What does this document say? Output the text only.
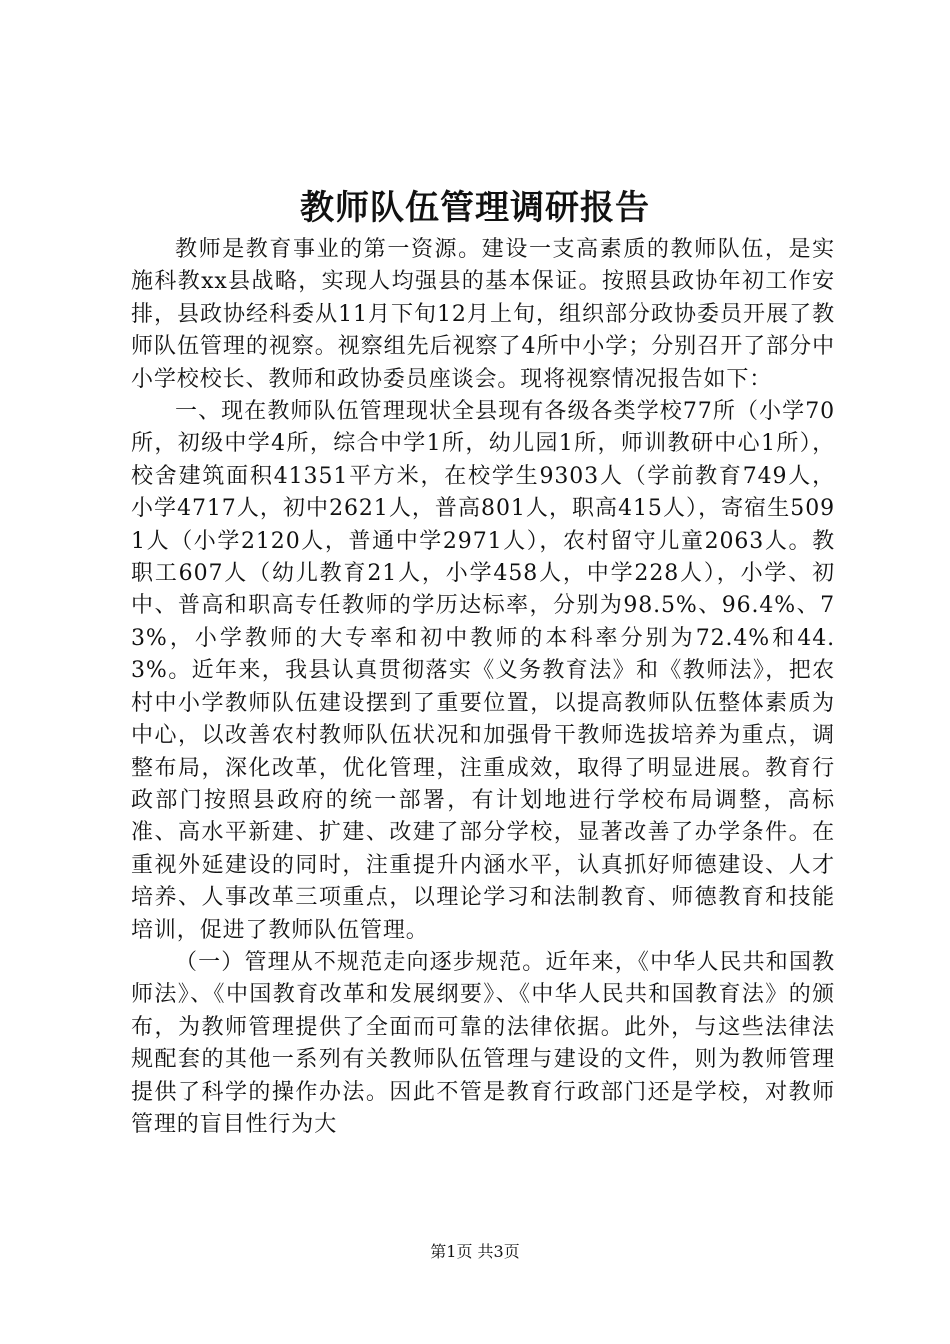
教师队伍管理调研报告

教师是教育事业的第一资源。建设一支高素质的教师队伍，是实施科教xx县战略，实现人均强县的基本保证。按照县政协年初工作安排，县政协经科委从11月下旬12月上旬，组织部分政协委员开展了教师队伍管理的视察。视察组先后视察了4所中小学；分别召开了部分中小学校校长、教师和政协委员座谈会。现将视察情况报告如下：

一、现在教师队伍管理现状全县现有各级各类学校77所（小学70所，初级中学4所，综合中学1所，幼儿园1所，师训教研中心1所），校舍建筑面积41351平方米，在校学生9303人（学前教育749人，小学4717人，初中2621人，普高801人，职高415人），寄宿生5091人（小学2120人，普通中学2971人），农村留守儿童2063人。教职工607人（幼儿教育21人，小学458人，中学228人），小学、初中、普高和职高专任教师的学历达标率，分别为98.5%、96.4%、73%，小学教师的大专率和初中教师的本科率分别为72.4%和44.3%。近年来，我县认真贯彻落实《义务教育法》和《教师法》，把农村中小学教师队伍建设摆到了重要位置，以提高教师队伍整体素质为中心，以改善农村教师队伍状况和加强骨干教师选拔培养为重点，调整布局，深化改革，优化管理，注重成效，取得了明显进展。教育行政部门按照县政府的统一部署，有计划地进行学校布局调整，高标准、高水平新建、扩建、改建了部分学校，显著改善了办学条件。在重视外延建设的同时，注重提升内涵水平，认真抓好师德建设、人才培养、人事改革三项重点，以理论学习和法制教育、师德教育和技能培训，促进了教师队伍管理。

（一）管理从不规范走向逐步规范。近年来，《中华人民共和国教师法》、《中国教育改革和发展纲要》、《中华人民共和国教育法》的颁布，为教师管理提供了全面而可靠的法律依据。此外，与这些法律法规配套的其他一系列有关教师队伍管理与建设的文件，则为教师管理提供了科学的操作办法。因此不管是教育行政部门还是学校，对教师管理的盲目性行为大

第1页 共3页
